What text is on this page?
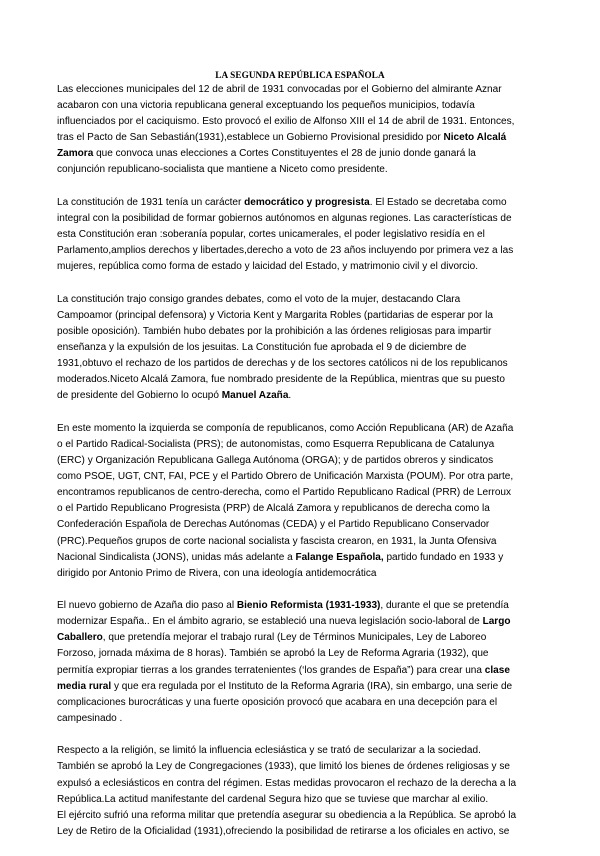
LA SEGUNDA REPÚBLICA ESPAÑOLA

Las elecciones municipales del 12 de abril de 1931 convocadas por el Gobierno del almirante Aznar
acabaron con una victoria republicana general exceptuando los pequeños municipios, todavía
influenciados por el caciquismo. Esto provocó el exilio de Alfonso XIII el 14 de abril de 1931. Entonces,
tras el Pacto de San Sebastián(1931),establece un Gobierno Provisional presidido por Niceto Alcalá
Zamora que convoca unas elecciones a Cortes Constituyentes el 28 de junio donde ganará la
conjunción republicano-socialista que mantiene a Niceto como presidente.

La constitución de 1931 tenía un carácter democrático y progresista. El Estado se decretaba como
integral con la posibilidad de formar gobiernos autónomos en algunas regiones. Las características de
esta Constitución eran :soberanía popular, cortes unicamerales, el poder legislativo residía en el
Parlamento,amplios derechos y libertades,derecho a voto de 23 años incluyendo por primera vez a las
mujeres, república como forma de estado y laicidad del Estado, y matrimonio civil y el divorcio.

La constitución trajo consigo grandes debates, como el voto de la mujer, destacando Clara
Campoamor (principal defensora) y Victoria Kent y Margarita Robles (partidarias de esperar por la
posible oposición). También hubo debates por la prohibición a las órdenes religiosas para impartir
enseñanza y la expulsión de los jesuitas. La Constitución fue aprobada el 9 de diciembre de
1931,obtuvo el rechazo de los partidos de derechas y de los sectores católicos ni de los republicanos
moderados.Niceto Alcalá Zamora, fue nombrado presidente de la República, mientras que su puesto
de presidente del Gobierno lo ocupó Manuel Azaña.

En este momento la izquierda se componía de republicanos, como Acción Republicana (AR) de Azaña
o el Partido Radical-Socialista (PRS); de autonomistas, como Esquerra Republicana de Catalunya
(ERC) y Organización Republicana Gallega Autónoma (ORGA); y de partidos obreros y sindicatos
como PSOE, UGT, CNT, FAI, PCE y el Partido Obrero de Unificación Marxista (POUM). Por otra parte,
encontramos republicanos de centro-derecha, como el Partido Republicano Radical (PRR) de Lerroux
o el Partido Republicano Progresista (PRP) de Alcalá Zamora y republicanos de derecha como la
Confederación Española de Derechas Autónomas (CEDA) y el Partido Republicano Conservador
(PRC).Pequeños grupos de corte nacional socialista y fascista crearon, en 1931, la Junta Ofensiva
Nacional Sindicalista (JONS), unidas más adelante a Falange Española, partido fundado en 1933 y
dirigido por Antonio Primo de Rivera, con una ideología antidemocrática

El nuevo gobierno de Azaña dio paso al Bienio Reformista (1931-1933), durante el que se pretendía
modernizar España.. En el ámbito agrario, se estableció una nueva legislación socio-laboral de Largo
Caballero, que pretendía mejorar el trabajo rural (Ley de Términos Municipales, Ley de Laboreo
Forzoso, jornada máxima de 8 horas). También se aprobó la Ley de Reforma Agraria (1932), que
permitía expropiar tierras a los grandes terratenientes (‘los grandes de España”) para crear una clase
media rural y que era regulada por el Instituto de la Reforma Agraria (IRA), sin embargo, una serie de
complicaciones burocráticas y una fuerte oposición provocó que acabara en una decepción para el
campesinado .

Respecto a la religión, se limitó la influencia eclesiástica y se trató de secularizar a la sociedad.
También se aprobó la Ley de Congregaciones (1933), que limitó los bienes de órdenes religiosas y se
expulsó a eclesiásticos en contra del régimen. Estas medidas provocaron el rechazo de la derecha a la
República.La actitud manifestante del cardenal Segura hizo que se tuviese que marchar al exilio.
El ejército sufrió una reforma militar que pretendía asegurar su obediencia a la República. Se aprobó la
Ley de Retiro de la Oficialidad (1931),ofreciendo la posibilidad de retirarse a los oficiales en activo, se
